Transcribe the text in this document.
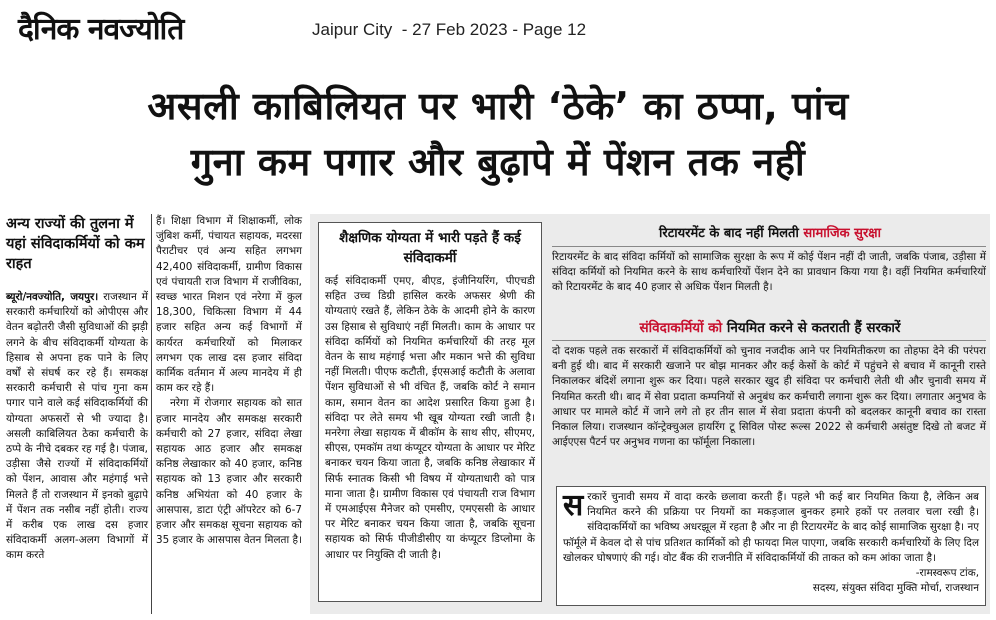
दैनिक नवज्योति	Jaipur City  - 27 Feb 2023 - Page 12
असली काबिलियत पर भारी ‘ठेके’ का ठप्पा, पांच
गुना कम पगार और बुढ़ापे में पेंशन तक नहीं
अन्य राज्यों की तुलना में यहां संविदाकर्मियों को कम राहत
ब्यूरो/नवज्योति, जयपुर। राजस्थान में सरकारी कर्मचारियों को ओपीएस और वेतन बढ़ोतरी जैसी सुविधाओं की झड़ी लगने के बीच संविदाकर्मी योग्यता के हिसाब से अपना हक पाने के लिए वर्षों से संघर्ष कर रहे हैं। समकक्ष सरकारी कर्मचारी से पांच गुना कम पगार पाने वाले कई संविदाकर्मियों की योग्यता अफसरों से भी ज्यादा है। असली काबिलियत ठेका कर्मचारी के ठप्पे के नीचे दबकर रह गई है। पंजाब, उड़ीसा जैसे राज्यों में संविदाकर्मियों को पेंशन, आवास और महंगाई भत्ते मिलते हैं तो राजस्थान में इनको बुढ़ापे में पेंशन तक नसीब नहीं होती। राज्य में करीब एक लाख दस हजार संविदाकर्मी अलग-अलग विभागों में काम करते
हैं। शिक्षा विभाग में शिक्षाकर्मी, लोक जुंबिश कर्मी, पंचायत सहायक, मदरसा पैराटीचर एवं अन्य सहित लगभग 42,400 संविदाकर्मी, ग्रामीण विकास एवं पंचायती राज विभाग में राजीविका, स्वच्छ भारत मिशन एवं नरेगा में कुल 18,300, चिकित्सा विभाग में 44 हजार सहित अन्य कई विभागों में कार्यरत कर्मचारियों को मिलाकर लगभग एक लाख दस हजार संविदा कार्मिक वर्तमान में अल्प मानदेय में ही काम कर रहे हैं।
नरेगा में रोजगार सहायक को सात हजार मानदेय और समकक्ष सरकारी कर्मचारी को 27 हजार, संविदा लेखा सहायक आठ हजार और समकक्ष कनिष्ठ लेखाकार को 40 हजार, कनिष्ठ सहायक को 13 हजार और सरकारी कनिष्ठ अभियंता को 40 हजार के आसपास, डाटा एंट्री ऑपरेटर को 6-7 हजार और समकक्ष सूचना सहायक को 35 हजार के आसपास वेतन मिलता है।
शैक्षणिक योग्यता में भारी पड़ते हैं कई संविदाकर्मी
कई संविदाकर्मी एमए, बीएड, इंजीनियरिंग, पीएचडी सहित उच्च डिग्री हासिल करके अफसर श्रेणी की योग्यताएं रखते हैं, लेकिन ठेके के आदमी होने के कारण उस हिसाब से सुविधाएं नहीं मिलती। काम के आधार पर संविदा कर्मियों को नियमित कर्मचारियों की तरह मूल वेतन के साथ महंगाई भत्ता और मकान भत्ते की सुविधा नहीं मिलती। पीएफ कटौती, ईएसआई कटौती के अलावा पेंशन सुविधाओं से भी वंचित हैं, जबकि कोर्ट ने समान काम, समान वेतन का आदेश प्रसारित किया हुआ है। संविदा पर लेते समय भी खूब योग्यता रखी जाती है। मनरेगा लेखा सहायक में बीकॉम के साथ सीए, सीएमए, सीएस, एमकॉम तथा कंप्यूटर योग्यता के आधार पर मेरिट बनाकर चयन किया जाता है, जबकि कनिष्ठ लेखाकार में सिर्फ स्नातक किसी भी विषय में योग्यताधारी को पात्र माना जाता है। ग्रामीण विकास एवं पंचायती राज विभाग में एमआईएस मैनेजर को एमसीए, एमएससी के आधार पर मेरिट बनाकर चयन किया जाता है, जबकि सूचना सहायक को सिर्फ पीजीडीसीए या कंप्यूटर डिप्लोमा के आधार पर नियुक्ति दी जाती है।
रिटायरमेंट के बाद नहीं मिलती सामाजिक सुरक्षा
रिटायरमेंट के बाद संविदा कर्मियों को सामाजिक सुरक्षा के रूप में कोई पेंशन नहीं दी जाती, जबकि पंजाब, उड़ीसा में संविदा कर्मियों को नियमित करने के साथ कर्मचारियों पेंशन देने का प्रावधान किया गया है। वहीं नियमित कर्मचारियों को रिटायरमेंट के बाद 40 हजार से अधिक पेंशन मिलती है।
संविदाकर्मियों को नियमित करने से कतराती हैं सरकारें
दो दशक पहले तक सरकारों में संविदाकर्मियों को चुनाव नजदीक आने पर नियमितीकरण का तोहफा देने की परंपरा बनी हुई थी। बाद में सरकारी खजाने पर बोझ मानकर और कई केसों के कोर्ट में पहुंचने से बचाव में कानूनी रास्ते निकालकर बंदिशें लगाना शुरू कर दिया। पहले सरकार खुद ही संविदा पर कर्मचारी लेती थी और चुनावी समय में नियमित करती थी। बाद में सेवा प्रदाता कम्पनियों से अनुबंध कर कर्मचारी लगाना शुरू कर दिया। लगातार अनुभव के आधार पर मामले कोर्ट में जाने लगे तो हर तीन साल में सेवा प्रदाता कंपनी को बदलकर कानूनी बचाव का रास्ता निकाल लिया। राजस्थान कॉन्ट्रेक्चुअल हायरिंग टू सिविल पोस्ट रूल्स 2022 से कर्मचारी असंतुष्ट दिखे तो बजट में आईएएस पैटर्न पर अनुभव गणना का फॉर्मूला निकाला।
सरकारें चुनावी समय में वादा करके छलावा करती हैं। पहले भी कई बार नियमित किया है, लेकिन अब नियमित करने की प्रक्रिया पर नियमों का मकड़जाल बुनकर हमारे हकों पर तलवार चला रखी है। संविदाकर्मियों का भविष्य अधरझूल में रहता है और ना ही रिटायरमेंट के बाद कोई सामाजिक सुरक्षा है। नए फॉर्मूले में केवल दो से पांच प्रतिशत कार्मिकों को ही फायदा मिल पाएगा, जबकि सरकारी कर्मचारियों के लिए दिल खोलकर घोषणाएं की गई। वोट बैंक की राजनीति में संविदाकर्मियों की ताकत को कम आंका जाता है।
-रामस्वरूप टांक,
सदस्य, संयुक्त संविदा मुक्ति मोर्चा, राजस्थान
